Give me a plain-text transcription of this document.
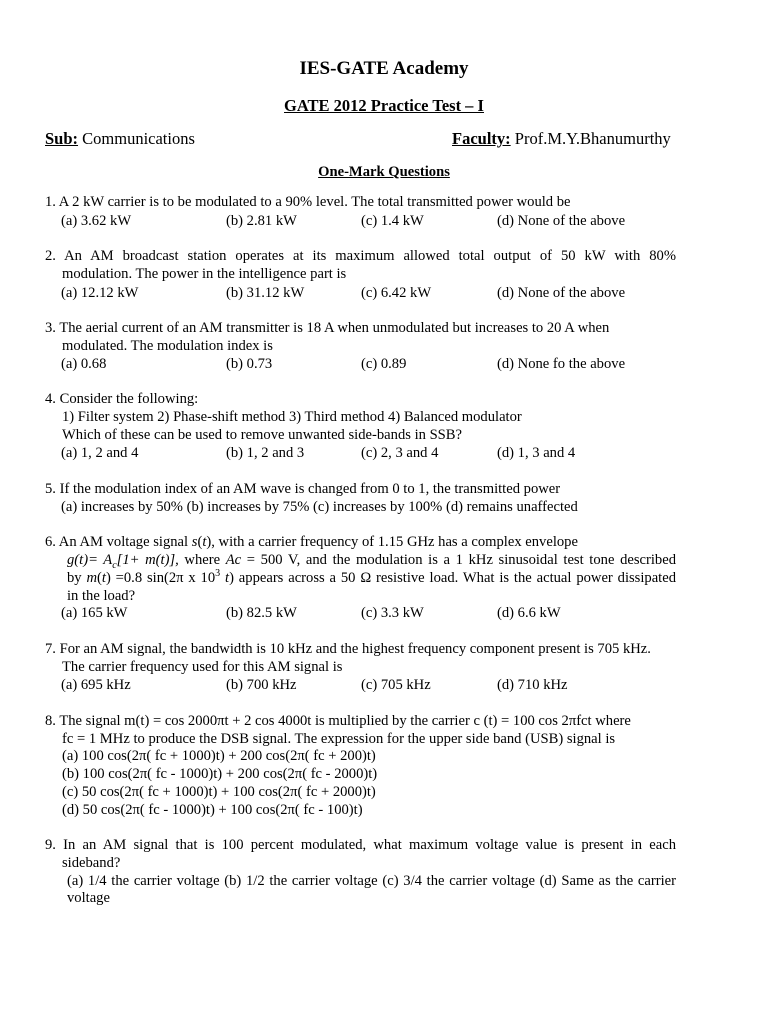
IES-GATE Academy
GATE 2012 Practice Test – I
Sub: Communications	Faculty: Prof.M.Y.Bhanumurthy
One-Mark Questions
1. A 2 kW carrier is to be modulated to a 90% level. The total transmitted power would be
(a) 3.62 kW	(b) 2.81 kW	(c) 1.4 kW	(d) None of the above
2. An AM broadcast station operates at its maximum allowed total output of 50 kW with 80%
modulation. The power in the intelligence part is
(a) 12.12 kW	(b) 31.12 kW	(c) 6.42 kW	(d) None of the above
3. The aerial current of an AM transmitter is 18 A when unmodulated but increases to 20 A when
modulated. The modulation index is
(a) 0.68	(b) 0.73	(c) 0.89	(d) None fo the above
4. Consider the following:
1) Filter system 2) Phase-shift method 3) Third method 4) Balanced modulator
Which of these can be used to remove unwanted side-bands in SSB?
(a) 1, 2 and 4	(b) 1, 2 and 3	(c) 2, 3 and 4	(d) 1, 3 and 4
5. If the modulation index of an AM wave is changed from 0 to 1, the transmitted power
(a) increases by 50% (b) increases by 75% (c) increases by 100% (d) remains unaffected
6. An AM voltage signal s(t), with a carrier frequency of 1.15 GHz has a complex envelope
$g(t)= A_c[1+ m(t)]$, where Ac = 500 V, and the modulation is a 1 kHz sinusoidal test tone described
by m(t) =0.8 sin(2π x $10^3$ t) appears across a 50 Ω resistive load. What is the actual power dissipated
in the load?
(a) 165 kW	(b) 82.5 kW	(c) 3.3 kW	(d) 6.6 kW
7. For an AM signal, the bandwidth is 10 kHz and the highest frequency component present is 705 kHz.
The carrier frequency used for this AM signal is
(a) 695 kHz	(b) 700 kHz	(c) 705 kHz	(d) 710 kHz
8. The signal m(t) = cos 2000πt + 2 cos 4000t is multiplied by the carrier c (t) = 100 cos 2πfct where
fc = 1 MHz to produce the DSB signal. The expression for the upper side band (USB) signal is
(a) 100 cos(2π( fc + 1000)t) + 200 cos(2π( fc + 200)t)
(b) 100 cos(2π( fc - 1000)t) + 200 cos(2π( fc - 2000)t)
(c) 50 cos(2π( fc + 1000)t) + 100 cos(2π( fc + 2000)t)
(d) 50 cos(2π( fc - 1000)t) + 100 cos(2π( fc - 100)t)
9. In an AM signal that is 100 percent modulated, what maximum voltage value is present in each
sideband?
(a) 1/4 the carrier voltage (b) 1/2 the carrier voltage (c) 3/4 the carrier voltage (d) Same as the carrier
voltage
